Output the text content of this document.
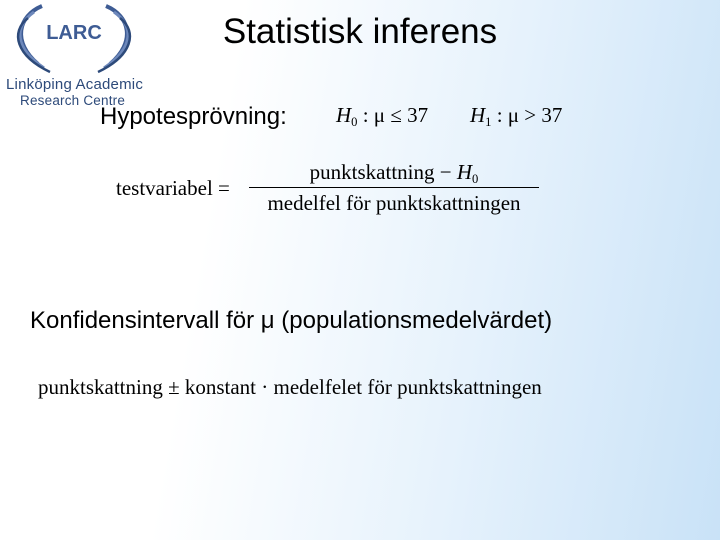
LARC
Linköping Academic
Research Centre
Statistisk inferens
Hypotesprövning: $H_0$ : μ ≤ 37 $H_1$ : μ > 37
testvariabel =
punktskattning − $H_0$
medelfel för punktskattningen
Konfidensintervall för μ (populationsmedelvärdet)
punktskattning ± konstant · medelfelet för punktskattningen
